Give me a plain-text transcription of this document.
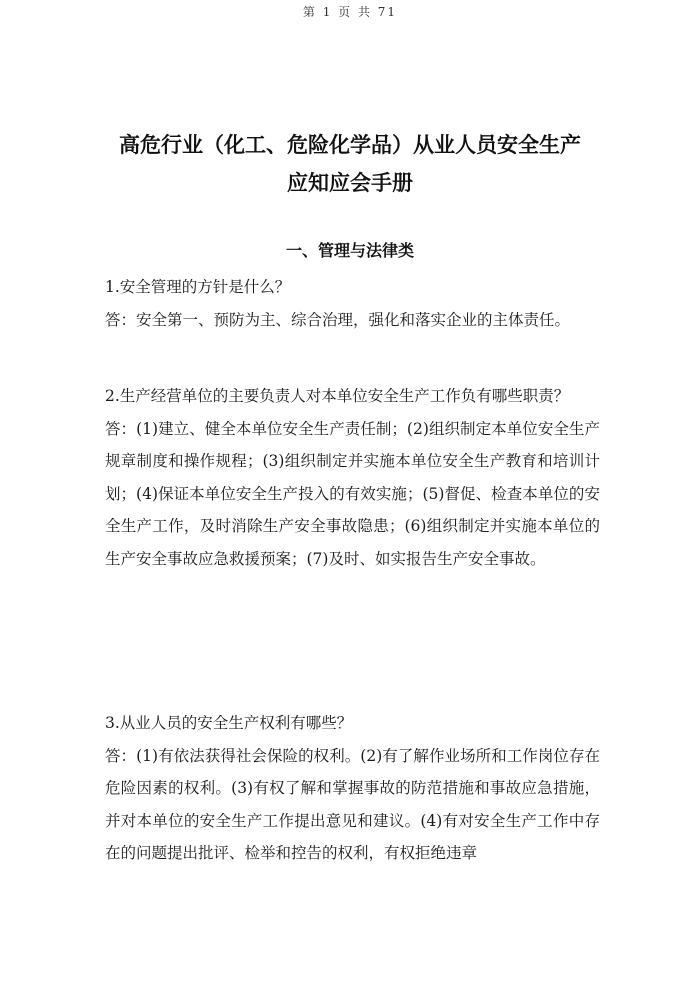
第 1 页 共 71
高危行业（化工、危险化学品）从业人员安全生产
应知应会手册
一、管理与法律类

1.安全管理的方针是什么？

答：安全第一、预防为主、综合治理，强化和落实企业的主体责任。

2.生产经营单位的主要负责人对本单位安全生产工作负有哪些职责？

答：(1)建立、健全本单位安全生产责任制；(2)组织制定本单位安全生产规章制度和操作规程；(3)组织制定并实施本单位安全生产教育和培训计划；(4)保证本单位安全生产投入的有效实施；(5)督促、检查本单位的安全生产工作，及时消除生产安全事故隐患；(6)组织制定并实施本单位的生产安全事故应急救援预案；(7)及时、如实报告生产安全事故。

3.从业人员的安全生产权利有哪些？

答：(1)有依法获得社会保险的权利。(2)有了解作业场所和工作岗位存在危险因素的权利。(3)有权了解和掌握事故的防范措施和事故应急措施，并对本单位的安全生产工作提出意见和建议。(4)有对安全生产工作中存在的问题提出批评、检举和控告的权利，有权拒绝违章
